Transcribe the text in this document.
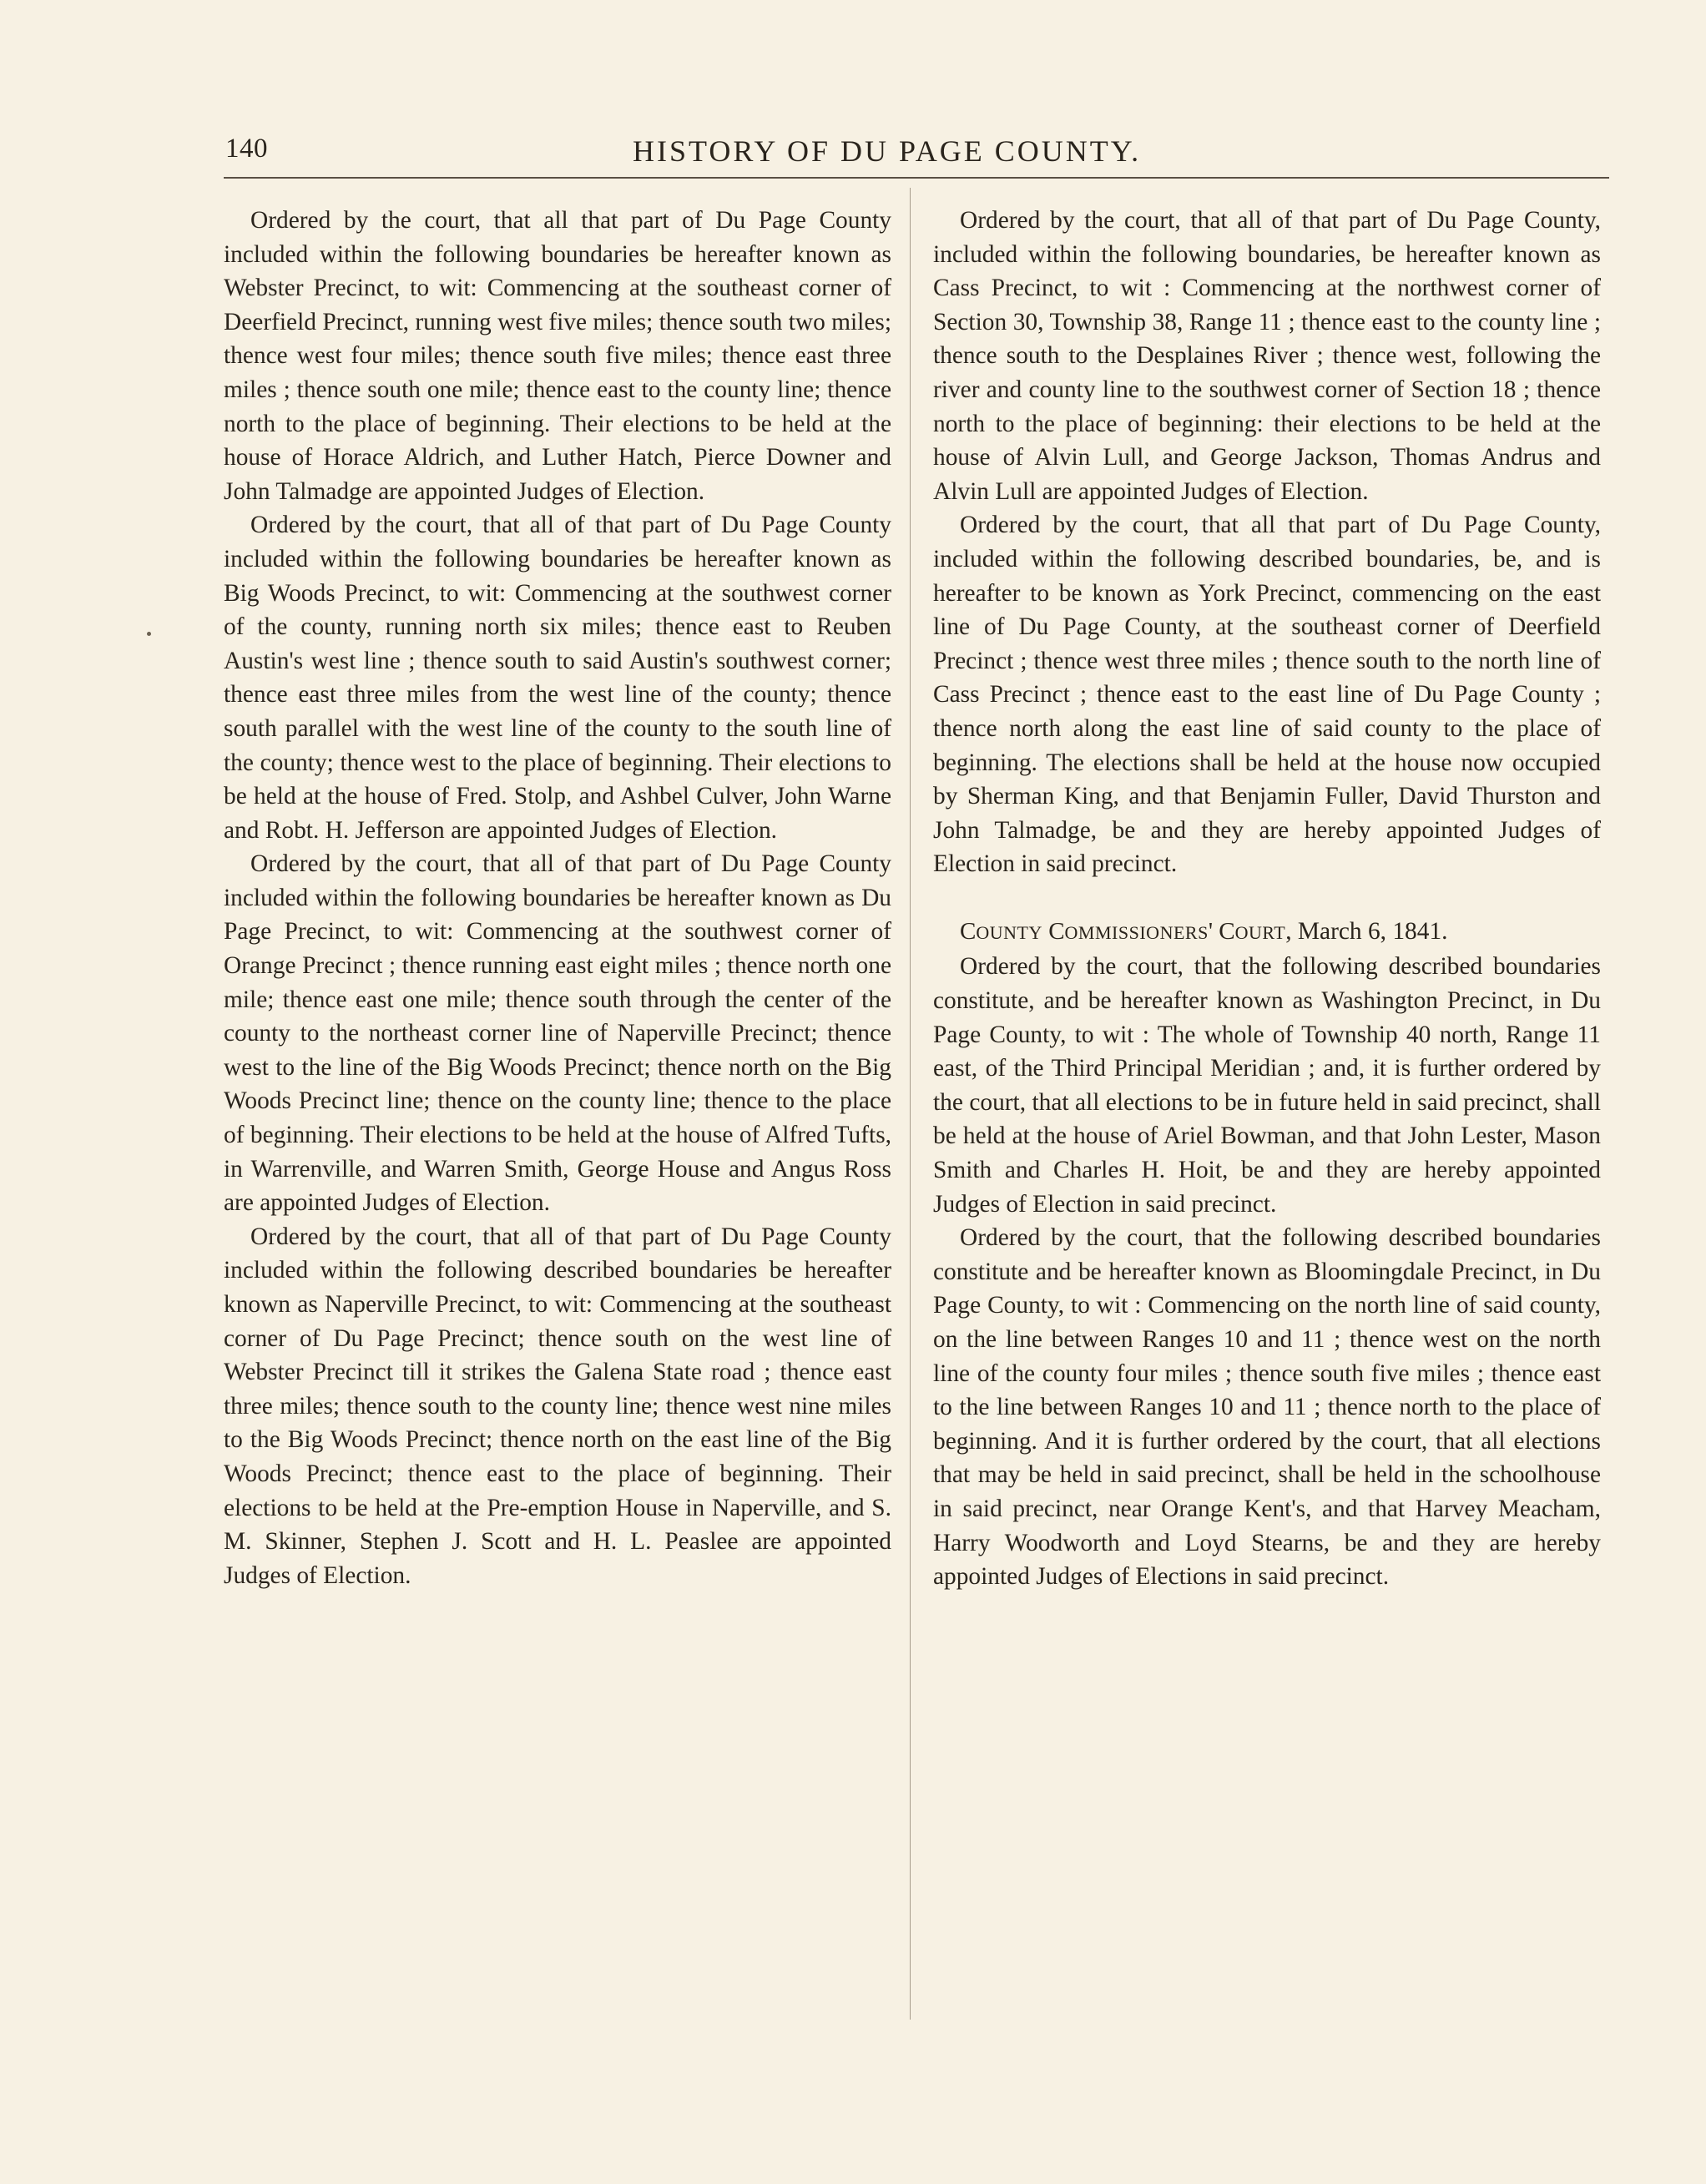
140	HISTORY OF DU PAGE COUNTY.

Ordered by the court, that all that part of Du Page County included within the following boundaries be hereafter known as Webster Precinct, to wit: Commencing at the southeast corner of Deerfield Precinct, running west five miles; thence south two miles; thence west four miles; thence south five miles; thence east three miles ; thence south one mile; thence east to the county line; thence north to the place of beginning. Their elections to be held at the house of Horace Aldrich, and Luther Hatch, Pierce Downer and John Talmadge are appointed Judges of Election.

Ordered by the court, that all of that part of Du Page County included within the following boundaries be hereafter known as Big Woods Precinct, to wit: Commencing at the southwest corner of the county, running north six miles; thence east to Reuben Austin's west line ; thence south to said Austin's southwest corner; thence east three miles from the west line of the county; thence south parallel with the west line of the county to the south line of the county; thence west to the place of beginning. Their elections to be held at the house of Fred. Stolp, and Ashbel Culver, John Warne and Robt. H. Jefferson are appointed Judges of Election.

Ordered by the court, that all of that part of Du Page County included within the following boundaries be hereafter known as Du Page Precinct, to wit: Commencing at the southwest corner of Orange Precinct ; thence running east eight miles ; thence north one mile; thence east one mile; thence south through the center of the county to the northeast corner line of Naperville Precinct; thence west to the line of the Big Woods Precinct; thence north on the Big Woods Precinct line; thence on the county line; thence to the place of beginning. Their elections to be held at the house of Alfred Tufts, in Warrenville, and Warren Smith, George House and Angus Ross are appointed Judges of Election.

Ordered by the court, that all of that part of Du Page County included within the following described boundaries be hereafter known as Naperville Precinct, to wit: Commencing at the southeast corner of Du Page Precinct; thence south on the west line of Webster Precinct till it strikes the Galena State road ; thence east three miles; thence south to the county line; thence west nine miles to the Big Woods Precinct; thence north on the east line of the Big Woods Precinct; thence east to the place of beginning. Their elections to be held at the Pre-emption House in Naperville, and S. M. Skinner, Stephen J. Scott and H. L. Peaslee are appointed Judges of Election.

Ordered by the court, that all of that part of Du Page County, included within the following boundaries, be hereafter known as Cass Precinct, to wit : Commencing at the northwest corner of Section 30, Township 38, Range 11 ; thence east to the county line ; thence south to the Desplaines River ; thence west, following the river and county line to the southwest corner of Section 18 ; thence north to the place of beginning: their elections to be held at the house of Alvin Lull, and George Jackson, Thomas Andrus and Alvin Lull are appointed Judges of Election.

Ordered by the court, that all that part of Du Page County, included within the following described boundaries, be, and is hereafter to be known as York Precinct, commencing on the east line of Du Page County, at the southeast corner of Deerfield Precinct ; thence west three miles ; thence south to the north line of Cass Precinct ; thence east to the east line of Du Page County ; thence north along the east line of said county to the place of beginning. The elections shall be held at the house now occupied by Sherman King, and that Benjamin Fuller, David Thurston and John Talmadge, be and they are hereby appointed Judges of Election in said precinct.

COUNTY COMMISSIONERS' COURT, March 6, 1841.

Ordered by the court, that the following described boundaries constitute, and be hereafter known as Washington Precinct, in Du Page County, to wit : The whole of Township 40 north, Range 11 east, of the Third Principal Meridian ; and, it is further ordered by the court, that all elections to be in future held in said precinct, shall be held at the house of Ariel Bowman, and that John Lester, Mason Smith and Charles H. Hoit, be and they are hereby appointed Judges of Election in said precinct.

Ordered by the court, that the following described boundaries constitute and be hereafter known as Bloomingdale Precinct, in Du Page County, to wit : Commencing on the north line of said county, on the line between Ranges 10 and 11 ; thence west on the north line of the county four miles ; thence south five miles ; thence east to the line between Ranges 10 and 11 ; thence north to the place of beginning. And it is further ordered by the court, that all elections that may be held in said precinct, shall be held in the schoolhouse in said precinct, near Orange Kent's, and that Harvey Meacham, Harry Woodworth and Loyd Stearns, be and they are hereby appointed Judges of Elections in said precinct.
